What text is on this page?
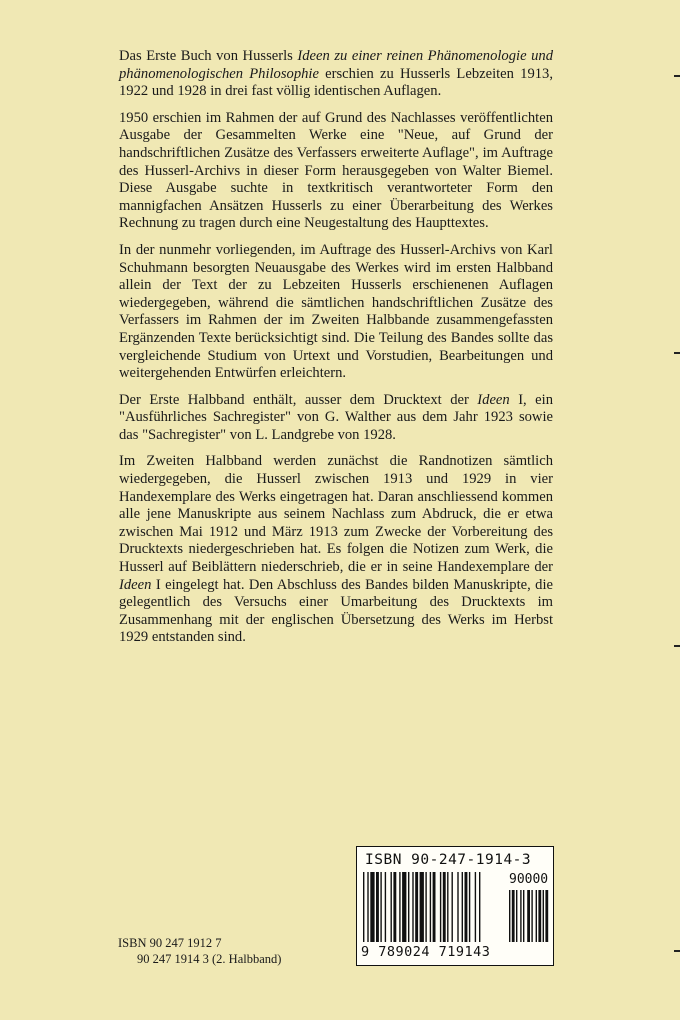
Das Erste Buch von Husserls Ideen zu einer reinen Phänomenologie und phänomenologischen Philosophie erschien zu Husserls Lebzeiten 1913, 1922 und 1928 in drei fast völlig identischen Auflagen.

1950 erschien im Rahmen der auf Grund des Nachlasses veröffentlichten Ausgabe der Gesammelten Werke eine "Neue, auf Grund der handschriftlichen Zusätze des Verfassers erweiterte Auflage", im Auftrage des Husserl-Archivs in dieser Form herausgegeben von Walter Biemel. Diese Ausgabe suchte in textkritisch verantworteter Form den mannigfachen Ansätzen Husserls zu einer Überarbeitung des Werkes Rechnung zu tragen durch eine Neugestaltung des Haupttextes.

In der nunmehr vorliegenden, im Auftrage des Husserl-Archivs von Karl Schuhmann besorgten Neuausgabe des Werkes wird im ersten Halbband allein der Text der zu Lebzeiten Husserls erschienenen Auflagen wiedergegeben, während die sämtlichen handschriftlichen Zusätze des Verfassers im Rahmen der im Zweiten Halbbande zusammengefassten Ergänzenden Texte berücksichtigt sind. Die Teilung des Bandes sollte das vergleichende Studium von Urtext und Vorstudien, Bearbeitungen und weitergehenden Entwürfen erleichtern.

Der Erste Halbband enthält, ausser dem Drucktext der Ideen I, ein "Ausführliches Sachregister" von G. Walther aus dem Jahr 1923 sowie das "Sachregister" von L. Landgrebe von 1928.

Im Zweiten Halbband werden zunächst die Randnotizen sämtlich wiedergegeben, die Husserl zwischen 1913 und 1929 in vier Handexemplare des Werks eingetragen hat. Daran anschliessend kommen alle jene Manuskripte aus seinem Nachlass zum Abdruck, die er etwa zwischen Mai 1912 und März 1913 zum Zwecke der Vorbereitung des Drucktexts niedergeschrieben hat. Es folgen die Notizen zum Werk, die Husserl auf Beiblättern niederschrieb, die er in seine Handexemplare der Ideen I eingelegt hat. Den Abschluss des Bandes bilden Manuskripte, die gelegentlich des Versuchs einer Umarbeitung des Drucktexts im Zusammenhang mit der englischen Übersetzung des Werks im Herbst 1929 entstanden sind.

ISBN 90-247-1914-3
90000
9 789024 719143
ISBN 90 247 1912 7
90 247 1914 3 (2. Halbband)
